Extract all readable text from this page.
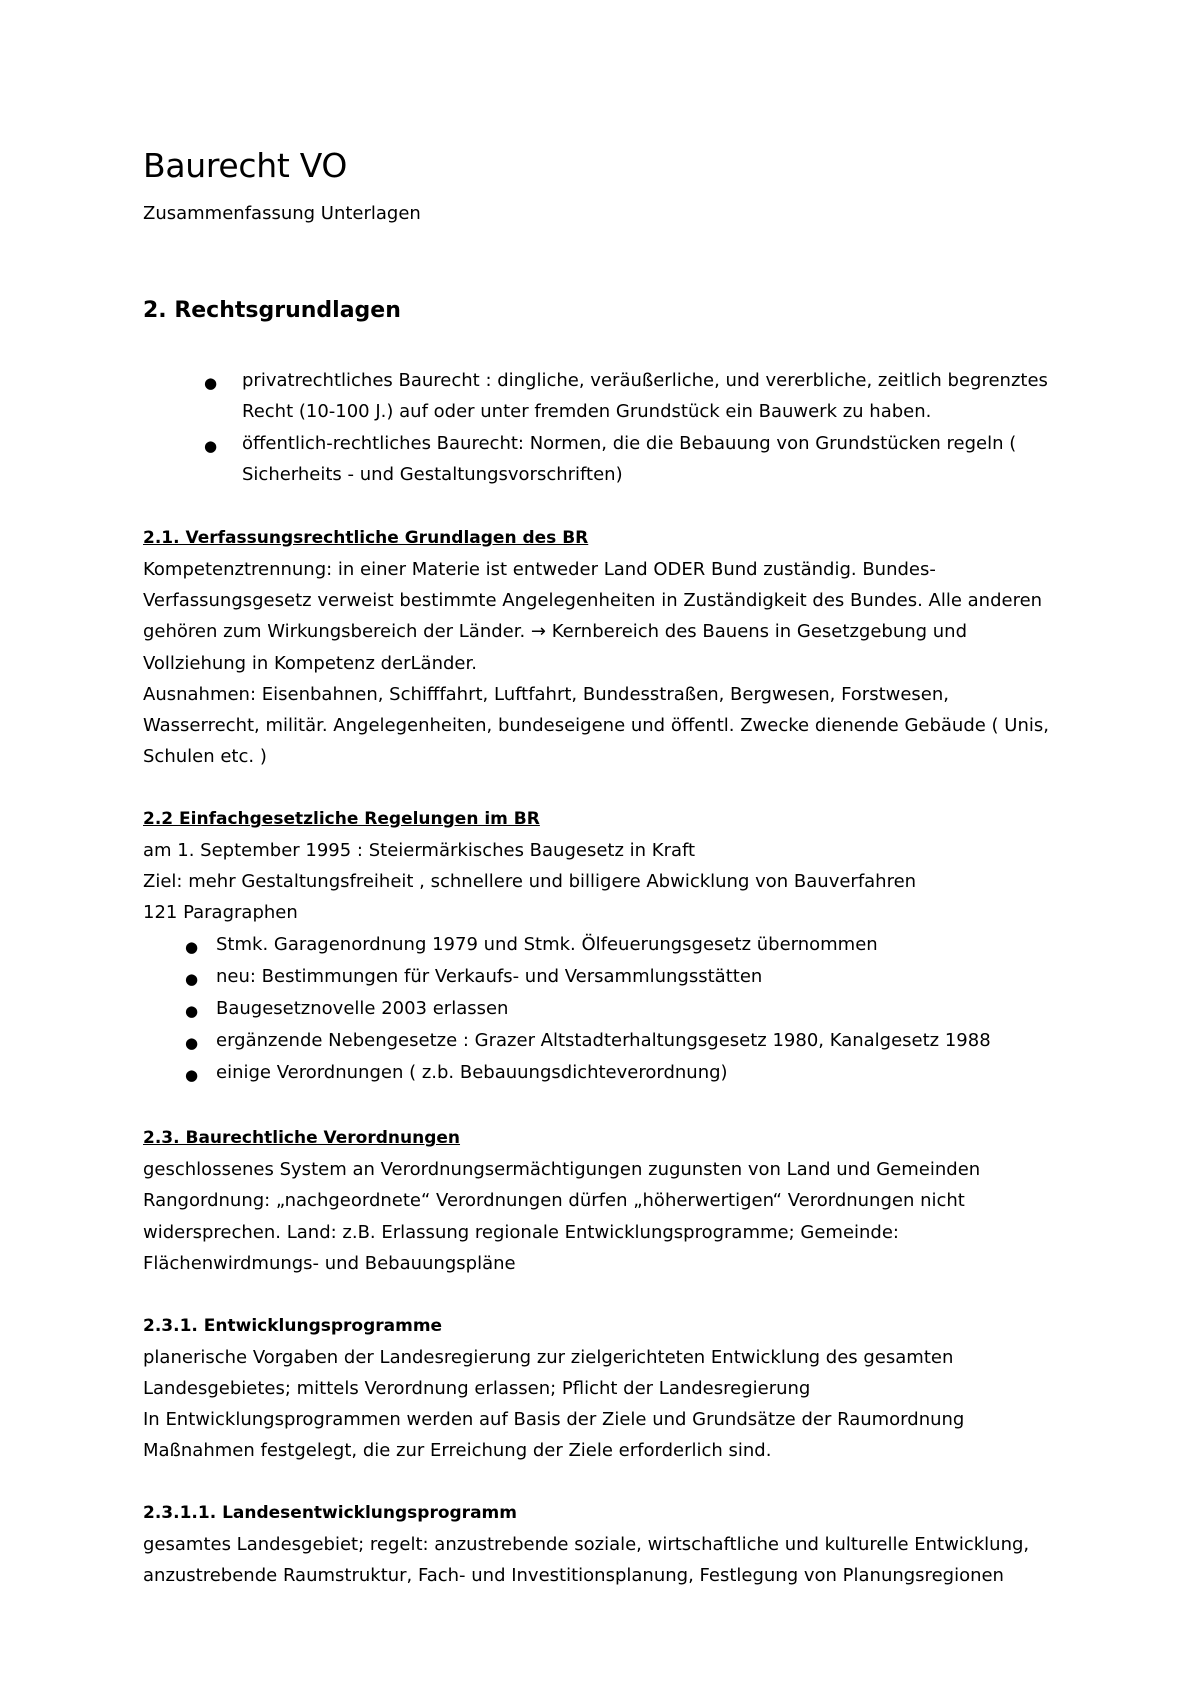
Baurecht VO
Zusammenfassung Unterlagen
2. Rechtsgrundlagen
● privatrechtliches Baurecht : dingliche, veräußerliche, und vererbliche, zeitlich begrenztes
Recht (10-100 J.) auf oder unter fremden Grundstück ein Bauwerk zu haben.
● öffentlich-rechtliches Baurecht: Normen, die die Bebauung von Grundstücken regeln (
Sicherheits - und Gestaltungsvorschriften)
2.1. Verfassungsrechtliche Grundlagen des BR
Kompetenztrennung: in einer Materie ist entweder Land ODER Bund zuständig. Bundes-
Verfassungsgesetz verweist bestimmte Angelegenheiten in Zuständigkeit des Bundes. Alle anderen
gehören zum Wirkungsbereich der Länder. → Kernbereich des Bauens in Gesetzgebung und
Vollziehung in Kompetenz derLänder.
Ausnahmen: Eisenbahnen, Schifffahrt, Luftfahrt, Bundesstraßen, Bergwesen, Forstwesen,
Wasserrecht, militär. Angelegenheiten, bundeseigene und öffentl. Zwecke dienende Gebäude ( Unis,
Schulen etc. )
2.2 Einfachgesetzliche Regelungen im BR
am 1. September 1995 : Steiermärkisches Baugesetz in Kraft
Ziel: mehr Gestaltungsfreiheit , schnellere und billigere Abwicklung von Bauverfahren
121 Paragraphen
● Stmk. Garagenordnung 1979 und Stmk. Ölfeuerungsgesetz übernommen
● neu: Bestimmungen für Verkaufs- und Versammlungsstätten
● Baugesetznovelle 2003 erlassen
● ergänzende Nebengesetze : Grazer Altstadterhaltungsgesetz 1980, Kanalgesetz 1988
● einige Verordnungen ( z.b. Bebauungsdichteverordnung)
2.3. Baurechtliche Verordnungen
geschlossenes System an Verordnungsermächtigungen zugunsten von Land und Gemeinden
Rangordnung: „nachgeordnete“ Verordnungen dürfen „höherwertigen“ Verordnungen nicht
widersprechen. Land: z.B. Erlassung regionale Entwicklungsprogramme; Gemeinde:
Flächenwirdmungs- und Bebauungspläne
2.3.1. Entwicklungsprogramme
planerische Vorgaben der Landesregierung zur zielgerichteten Entwicklung des gesamten
Landesgebietes; mittels Verordnung erlassen; Pflicht der Landesregierung
In Entwicklungsprogrammen werden auf Basis der Ziele und Grundsätze der Raumordnung
Maßnahmen festgelegt, die zur Erreichung der Ziele erforderlich sind.
2.3.1.1. Landesentwicklungsprogramm
gesamtes Landesgebiet; regelt: anzustrebende soziale, wirtschaftliche und kulturelle Entwicklung,
anzustrebende Raumstruktur, Fach- und Investitionsplanung, Festlegung von Planungsregionen
